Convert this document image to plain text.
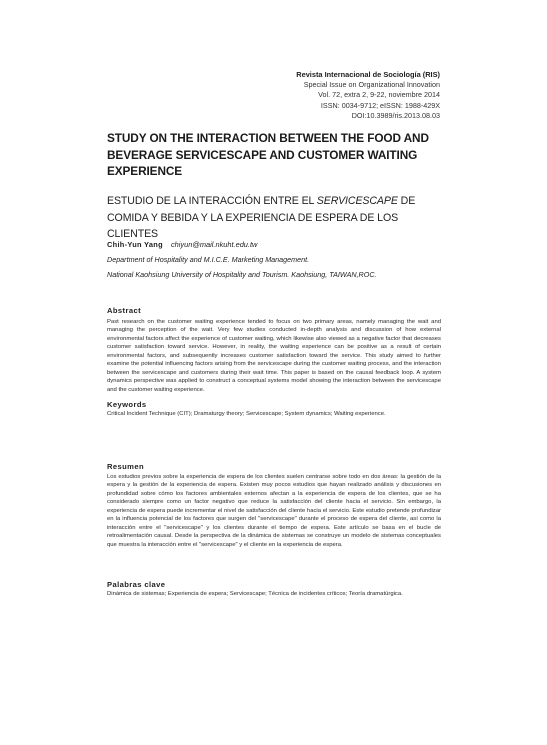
Revista Internacional de Sociología (RIS)
Special Issue on Organizational Innovation
Vol. 72, extra 2, 9-22, noviembre 2014
ISSN: 0034-9712; eISSN: 1988-429X
DOI:10.3989/ris.2013.08.03
STUDY ON THE INTERACTION BETWEEN THE FOOD AND BEVERAGE SERVICESCAPE AND CUSTOMER WAITING EXPERIENCE
ESTUDIO DE LA INTERACCIÓN ENTRE EL SERVICESCAPE DE COMIDA Y BEBIDA Y LA EXPERIENCIA DE ESPERA DE LOS CLIENTES
Chih-Yun Yang chiyun@mail.nkuht.edu.tw
Department of Hospitality and M.I.C.E. Marketing Management.
National Kaohsiung University of Hospitality and Tourism. Kaohsiung, TAIWAN,ROC.
Abstract
Past research on the customer waiting experience tended to focus on two primary areas, namely managing the wait and managing the perception of the wait. Very few studies conducted in-depth analysis and discussion of how external environmental factors affect the experience of customer waiting, which likewise also viewed as a negative factor that decreases customer satisfaction toward service. However, in reality, the waiting experience can be positive as a result of certain environmental factors, and subsequently increases customer satisfaction toward the service. This study aimed to further examine the potential influencing factors arising from the servicescape during the customer waiting process, and the interaction between the servicescape and customers during their wait time. This paper is based on the causal feedback loop. A system dynamics perspective was applied to construct a conceptual systems model showing the interaction between the servicescape and the customer waiting experience.
Keywords
Critical Incident Technique (CIT); Dramaturgy theory; Servicescape; System dynamics; Waiting experience.
Resumen
Los estudios previos sobre la experiencia de espera de los clientes suelen centrarse sobre todo en dos áreas: la gestión de la espera y la gestión de la experiencia de espera. Existen muy pocos estudios que hayan realizado análisis y discusiones en profundidad sobre cómo los factores ambientales externos afectan a la experiencia de espera de los clientes, que se ha considerado siempre como un factor negativo que reduce la satisfacción del cliente hacia el servicio. Sin embargo, la experiencia de espera puede incrementar el nivel de satisfacción del cliente hacia el servicio. Este estudio pretende profundizar en la influencia potencial de los factores que surgen del "servicescape" durante el proceso de espera del cliente, así como la interacción entre el "servicescape" y los clientes durante el tiempo de espera. Este artículo se basa en el bucle de retroalimentación causal. Desde la perspectiva de la dinámica de sistemas se construye un modelo de sistemas conceptuales que muestra la interacción entre el "servicescape" y el cliente en la experiencia de espera.
Palabras clave
Dinámica de sistemas; Experiencia de espera; Servicescape; Técnica de incidentes críticos; Teoría dramatúrgica.
